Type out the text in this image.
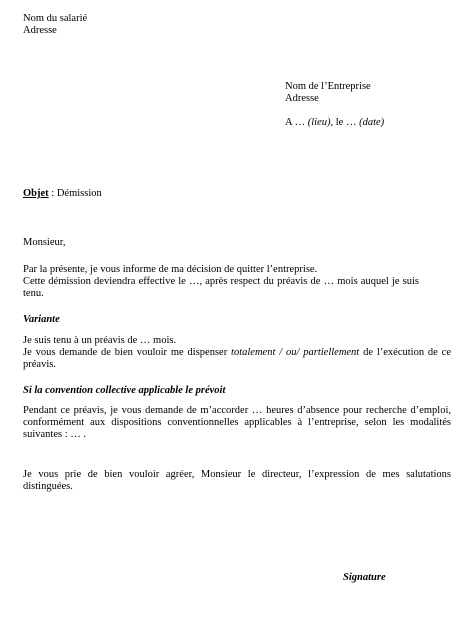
Nom du salarié
Adresse
Nom de l’Entreprise
Adresse
A … (lieu), le … (date)
Objet : Démission
Monsieur,
Par la présente, je vous informe de ma décision de quitter l’entreprise.
Cette démission deviendra effective le …, après respect du préavis de … mois auquel je suis tenu.
Variante
Je suis tenu à un préavis de … mois.
Je vous demande de bien vouloir me dispenser totalement / ou/ partiellement de l’exécution de ce préavis.
Si la convention collective applicable le prévoit
Pendant ce préavis, je vous demande de m’accorder … heures d’absence pour recherche d’emploi, conformément aux dispositions conventionnelles applicables à l’entreprise, selon les modalités suivantes : … .
Je vous prie de bien vouloir agréer, Monsieur le directeur, l’expression de mes salutations distinguées.
Signature
